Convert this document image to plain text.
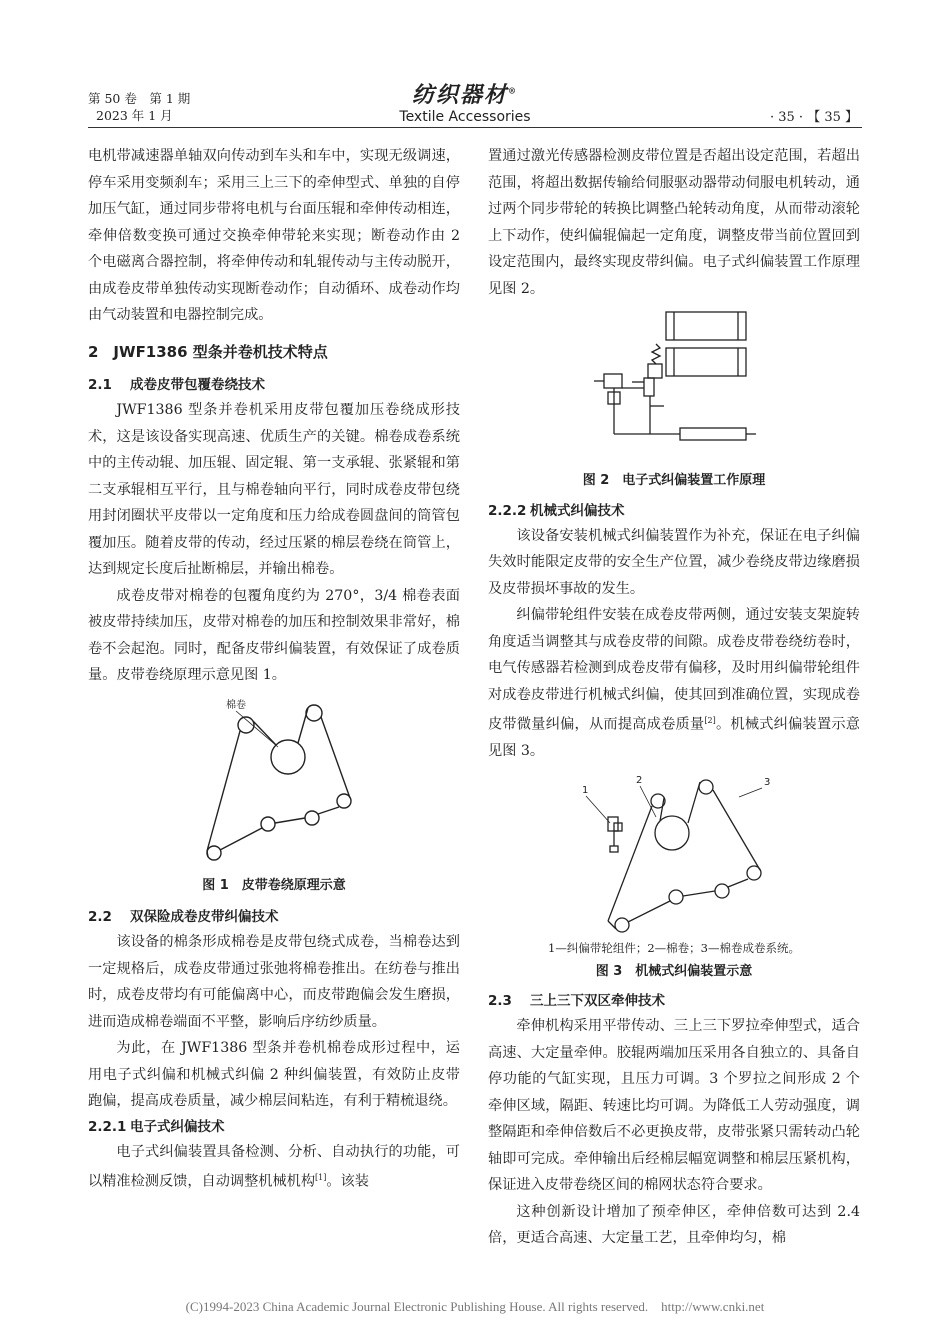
第 50 卷　第 1 期
2023 年 1 月
纺织器材®
Textile Accessories	· 35 · 【 35 】

电机带减速器单轴双向传动到车头和车中，实现无级调速，停车采用变频刹车；采用三上三下的牵伸型式、单独的自停加压气缸，通过同步带将电机与台面压辊和牵伸传动相连，牵伸倍数变换可通过交换牵伸带轮来实现；断卷动作由 2 个电磁离合器控制，将牵伸传动和轧辊传动与主传动脱开，由成卷皮带单独传动实现断卷动作；自动循环、成卷动作均由气动装置和电器控制完成。

2　JWF1386 型条并卷机技术特点
2.1 成卷皮带包覆卷绕技术

JWF1386 型条并卷机采用皮带包覆加压卷绕成形技术，这是该设备实现高速、优质生产的关键。棉卷成卷系统中的主传动辊、加压辊、固定辊、第一支承辊、张紧辊和第二支承辊相互平行，且与棉卷轴向平行，同时成卷皮带包绕用封闭圈状平皮带以一定角度和压力给成卷圆盘间的筒管包覆加压。随着皮带的传动，经过压紧的棉层卷绕在筒管上，达到规定长度后扯断棉层，并输出棉卷。

成卷皮带对棉卷的包覆角度约为 270°，3/4 棉卷表面被皮带持续加压，皮带对棉卷的加压和控制效果非常好，棉卷不会起泡。同时，配备皮带纠偏装置，有效保证了成卷质量。皮带卷绕原理示意见图 1。

棉卷
图 1　皮带卷绕原理示意
2.2 双保险成卷皮带纠偏技术

该设备的棉条形成棉卷是皮带包绕式成卷，当棉卷达到一定规格后，成卷皮带通过张弛将棉卷推出。在纺卷与推出时，成卷皮带均有可能偏离中心，而皮带跑偏会发生磨损，进而造成棉卷端面不平整，影响后序纺纱质量。

为此，在 JWF1386 型条并卷机棉卷成形过程中，运用电子式纠偏和机械式纠偏 2 种纠偏装置，有效防止皮带跑偏，提高成卷质量，减少棉层间粘连，有利于精梳退绕。

2.2.1 电子式纠偏技术

电子式纠偏装置具备检测、分析、自动执行的功能，可以精准检测反馈，自动调整机械机构[1]。该装

置通过激光传感器检测皮带位置是否超出设定范围，若超出范围，将超出数据传输给伺服驱动器带动伺服电机转动，通过两个同步带轮的转换比调整凸轮转动角度，从而带动滚轮上下动作，使纠偏辊偏起一定角度，调整皮带当前位置回到设定范围内，最终实现皮带纠偏。电子式纠偏装置工作原理见图 2。

图 2　电子式纠偏装置工作原理
2.2.2 机械式纠偏技术

该设备安装机械式纠偏装置作为补充，保证在电子纠偏失效时能限定皮带的安全生产位置，减少卷绕皮带边缘磨损及皮带损坏事故的发生。

纠偏带轮组件安装在成卷皮带两侧，通过安装支架旋转角度适当调整其与成卷皮带的间隙。成卷皮带卷绕纺卷时，电气传感器若检测到成卷皮带有偏移，及时用纠偏带轮组件对成卷皮带进行机械式纠偏，使其回到准确位置，实现成卷皮带微量纠偏，从而提高成卷质量[2]。机械式纠偏装置示意见图 3。

1
2	3
1—纠偏带轮组件；2—棉卷；3—棉卷成卷系统。
图 3　机械式纠偏装置示意
2.3 三上三下双区牵伸技术

牵伸机构采用平带传动、三上三下罗拉牵伸型式，适合高速、大定量牵伸。胶辊两端加压采用各自独立的、具备自停功能的气缸实现，且压力可调。3 个罗拉之间形成 2 个牵伸区域，隔距、转速比均可调。为降低工人劳动强度，调整隔距和牵伸倍数后不必更换皮带，皮带张紧只需转动凸轮轴即可完成。牵伸输出后经棉层幅宽调整和棉层压紧机构，保证进入皮带卷绕区间的棉网状态符合要求。

这种创新设计增加了预牵伸区，牵伸倍数可达到 2.4 倍，更适合高速、大定量工艺，且牵伸均匀，棉

(C)1994-2023 China Academic Journal Electronic Publishing House. All rights reserved.　http://www.cnki.net
